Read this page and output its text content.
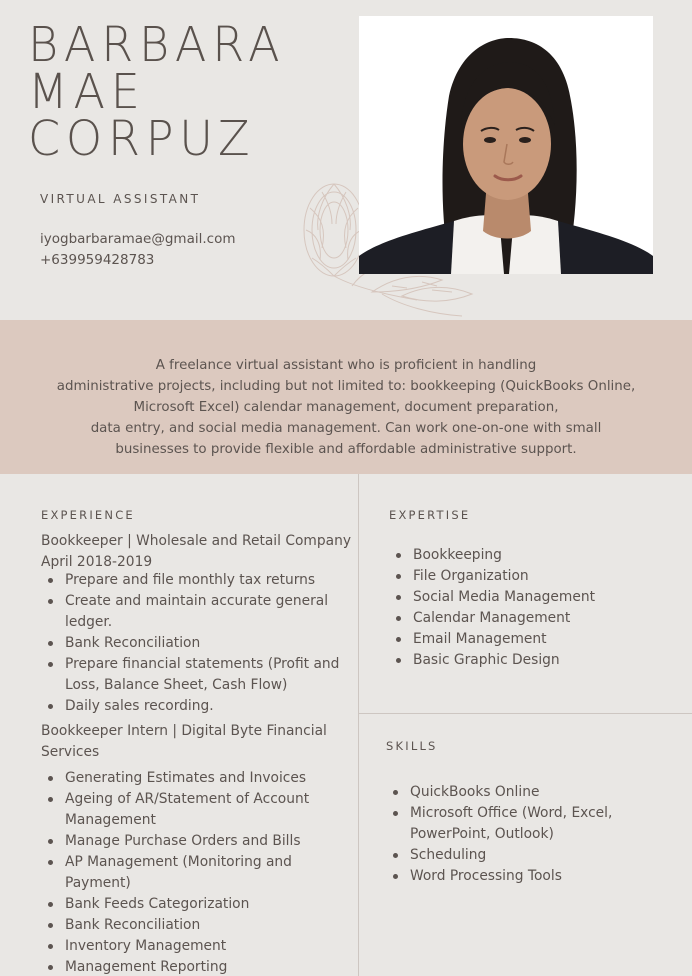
BARBARA
MAE
CORPUZ
VIRTUAL ASSISTANT
iyogbarbaramae@gmail.com
+639959428783
A freelance virtual assistant who is proficient in handling
administrative projects, including but not limited to: bookkeeping (QuickBooks Online,
Microsoft Excel) calendar management, document preparation,
data entry, and social media management. Can work one-on-one with small
businesses to provide flexible and affordable administrative support.
EXPERIENCE
Bookkeeper | Wholesale and Retail Company
April 2018-2019
Prepare and file monthly tax returns
Create and maintain accurate general ledger.
Bank Reconciliation
Prepare financial statements (Profit and Loss, Balance Sheet, Cash Flow)
Daily sales recording.
Bookkeeper Intern | Digital Byte Financial Services
Generating Estimates and Invoices
Ageing of AR/Statement of Account Management
Manage Purchase Orders and Bills
AP Management (Monitoring and Payment)
Bank Feeds Categorization
Bank Reconciliation
Inventory Management
Management Reporting
EXPERTISE
Bookkeeping
File Organization
Social Media Management
Calendar Management
Email Management
Basic Graphic Design
SKILLS
QuickBooks Online
Microsoft Office (Word, Excel, PowerPoint, Outlook)
Scheduling
Word Processing Tools
